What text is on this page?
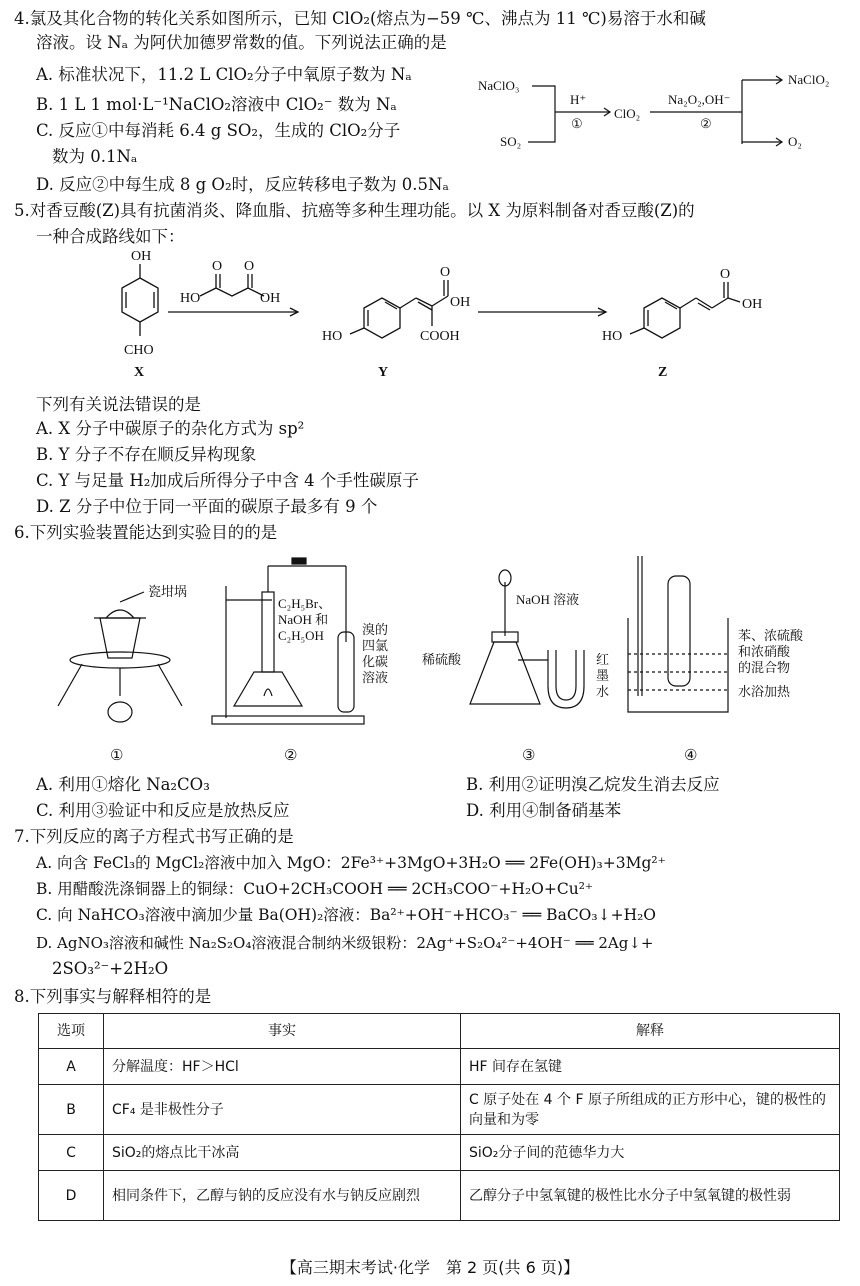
4.氯及其化合物的转化关系如图所示，已知 ClO₂(熔点为−59 ℃、沸点为 11 ℃)易溶于水和碱
溶液。设 Nₐ 为阿伏加德罗常数的值。下列说法正确的是
A. 标准状况下，11.2 L ClO₂分子中氧原子数为 Nₐ
B. 1 L 1 mol·L⁻¹NaClO₂溶液中 ClO₂⁻ 数为 Nₐ
C. 反应①中每消耗 6.4 g SO₂，生成的 ClO₂分子
数为 0.1Nₐ
D. 反应②中每生成 8 g O₂时，反应转移电子数为 0.5Nₐ
NaClO₃
SO₂
H⁺
①
ClO₂
Na₂O₂,OH⁻
②
NaClO₂
O₂
5.对香豆酸(Z)具有抗菌消炎、降血脂、抗癌等多种生理功能。以 X 为原料制备对香豆酸(Z)的
一种合成路线如下：
OH
CHO
X
O O
HO	OH
HO
O
OH
COOH
Y
HO
O
OH
Z
下列有关说法错误的是
A. X 分子中碳原子的杂化方式为 sp²
B. Y 分子不存在顺反异构现象
C. Y 与足量 H₂加成后所得分子中含 4 个手性碳原子
D. Z 分子中位于同一平面的碳原子最多有 9 个
6.下列实验装置能达到实验目的的是
瓷坩埚
C₂H₅Br、
NaOH 和
C₂H₅OH	溴的
四氯
化碳
溶液
NaOH 溶液
稀硫酸	红
墨
水
苯、浓硫酸
和浓硝酸
的混合物
水浴加热
①	②	③	④
A. 利用①熔化 Na₂CO₃	B. 利用②证明溴乙烷发生消去反应
C. 利用③验证中和反应是放热反应	D. 利用④制备硝基苯
7.下列反应的离子方程式书写正确的是
A. 向含 FeCl₃的 MgCl₂溶液中加入 MgO：2Fe³⁺+3MgO+3H₂O ══ 2Fe(OH)₃+3Mg²⁺
B. 用醋酸洗涤铜器上的铜绿：CuO+2CH₃COOH ══ 2CH₃COO⁻+H₂O+Cu²⁺
C. 向 NaHCO₃溶液中滴加少量 Ba(OH)₂溶液：Ba²⁺+OH⁻+HCO₃⁻ ══ BaCO₃↓+H₂O
D. AgNO₃溶液和碱性 Na₂S₂O₄溶液混合制纳米级银粉：2Ag⁺+S₂O₄²⁻+4OH⁻ ══ 2Ag↓+
2SO₃²⁻+2H₂O
8.下列事实与解释相符的是
选项	事实	解释
A	分解温度：HF＞HCl	HF 间存在氢键
B	CF₄ 是非极性分子	C 原子处在 4 个 F 原子所组成的正方形中心，键的极性的向量和为零
C	SiO₂的熔点比干冰高	SiO₂分子间的范德华力大
D	相同条件下，乙醇与钠的反应没有水与钠反应剧烈	乙醇分子中氢氧键的极性比水分子中氢氧键的极性弱
【高三期末考试·化学　第 2 页(共 6 页)】
